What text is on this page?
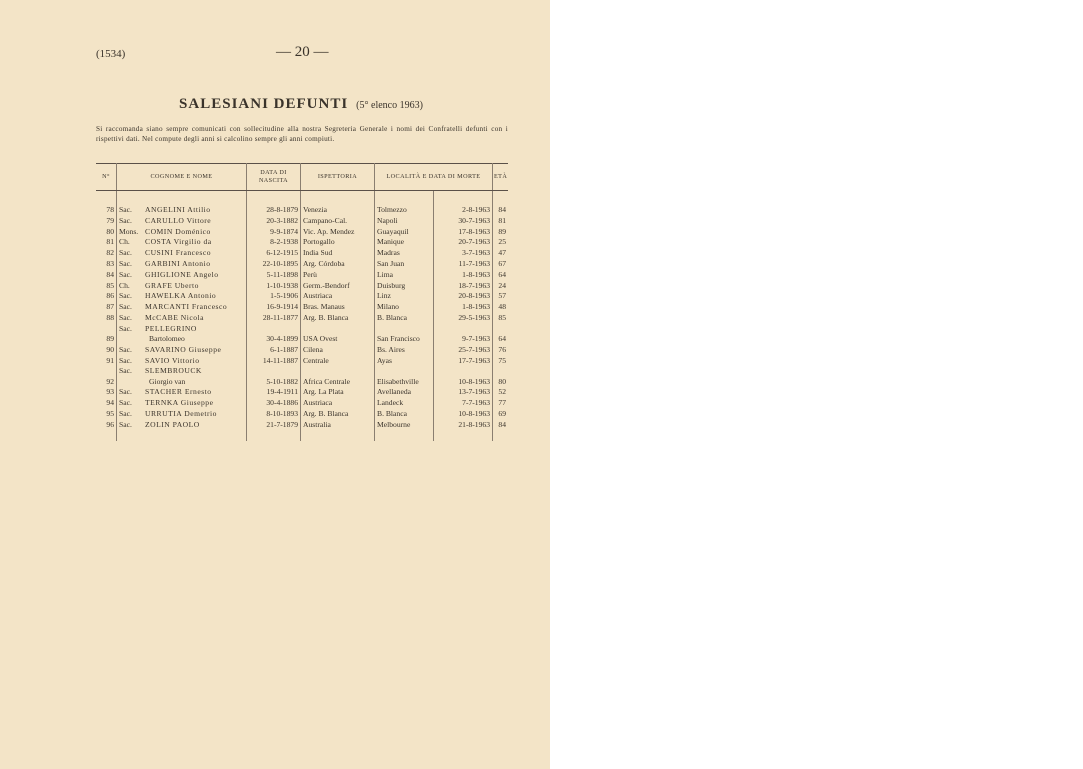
(1534)	— 20 —
SALESIANI DEFUNTI (5° elenco 1963)
Si raccomanda siano sempre comunicati con sollecitudine alla nostra Segreteria Generale i nomi dei Confratelli defunti con i rispettivi dati. Nel compute degli anni si calcolino sempre gli anni compiuti.
N°	COGNOME E NOME	DATA DI NASCITA	ISPETTORIA	LOCALITÀ E DATA DI MORTE		ETÀ

78	Sac. ANGELINI Attilio	28-8-1879	Venezia	Tolmezzo	2-8-1963	84
79	Sac. CARULLO Vittore	20-3-1882	Campano-Cal.	Napoli	30-7-1963	81
80	Mons. COMIN Doménico	9-9-1874	Vic. Ap. Mendez	Guayaquil	17-8-1963	89
81	Ch. COSTA Virgilio da	8-2-1938	Portogallo	Manique	20-7-1963	25
82	Sac. CUSINI Francesco	6-12-1915	India Sud	Madras	3-7-1963	47
83	Sac. GARBINI Antonio	22-10-1895	Arg. Córdoba	San Juan	11-7-1963	67
84	Sac. GHIGLIONE Angelo	5-11-1898	Perù	Lima	1-8-1963	64
85	Ch. GRAFE Uberto	1-10-1938	Germ.-Bendorf	Duisburg	18-7-1963	24
86	Sac. HAWELKA Antonio	1-5-1906	Austriaca	Linz	20-8-1963	57
87	Sac. MARCANTI Francesco	16-9-1914	Bras. Manaus	Milano	1-8-1963	48
88	Sac. McCABE Nicola	28-11-1877	Arg. B. Blanca	B. Blanca	29-5-1963	85
89	Sac. PELLEGRINO
Bartolomeo	30-4-1899	USA Ovest	San Francisco	9-7-1963	64
90	Sac. SAVARINO Giuseppe	6-1-1887	Cilena	Bs. Aires	25-7-1963	76
91	Sac. SAVIO Vittorio	14-11-1887	Centrale	Ayas	17-7-1963	75
92	Sac. SLEMBROUCK
Giorgio van	5-10-1882	Africa Centrale	Elisabethville	10-8-1963	80
93	Sac. STACHER Ernesto	19-4-1911	Arg. La Plata	Avellaneda	13-7-1963	52
94	Sac. TERNKA Giuseppe	30-4-1886	Austriaca	Landeck	7-7-1963	77
95	Sac. URRUTIA Demetrio	8-10-1893	Arg. B. Blanca	B. Blanca	10-8-1963	69
96	Sac. ZOLIN PAOLO	21-7-1879	Australia	Melbourne	21-8-1963	84
